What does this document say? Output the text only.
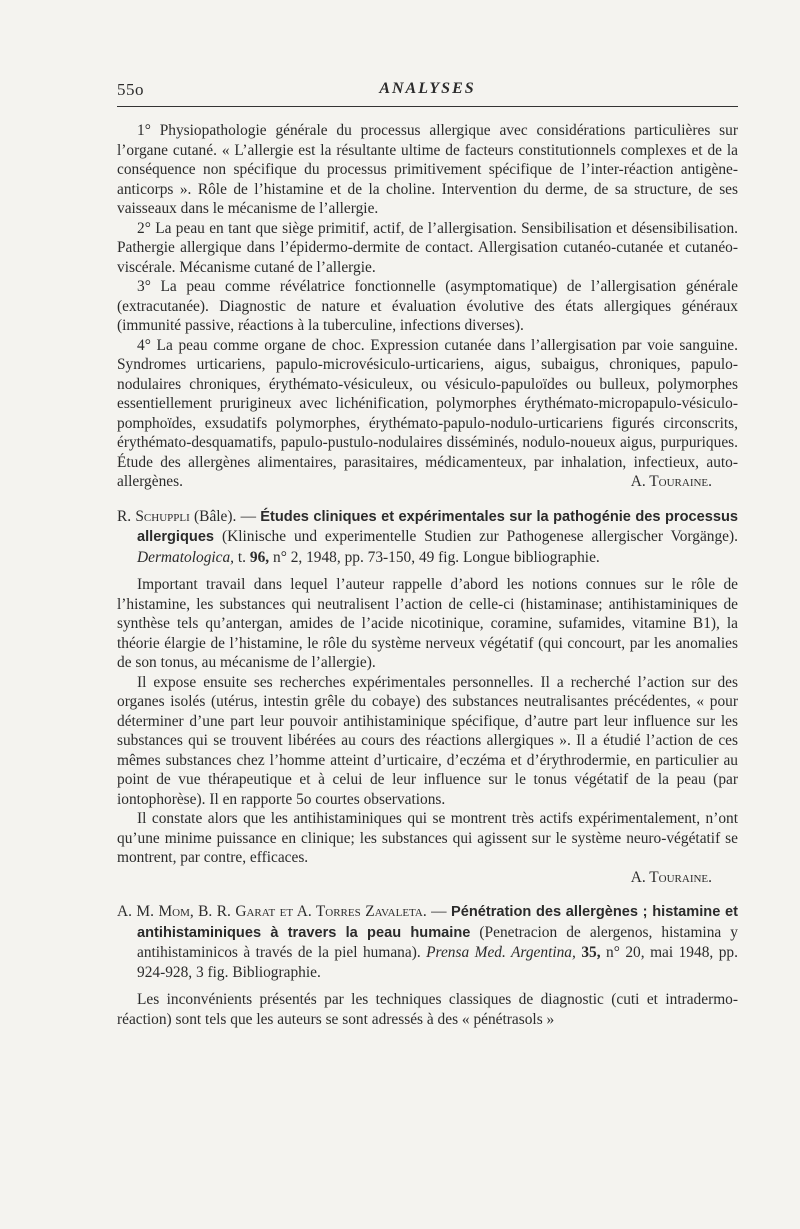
55o	ANALYSES

1° Physiopathologie générale du processus allergique avec considérations particulières sur l’organe cutané. « L’allergie est la résultante ultime de facteurs constitutionnels complexes et de la conséquence non spécifique du processus primitivement spécifique de l’inter-réaction antigène-anticorps ». Rôle de l’histamine et de la choline. Intervention du derme, de sa structure, de ses vaisseaux dans le mécanisme de l’allergie.

2° La peau en tant que siège primitif, actif, de l’allergisation. Sensibilisation et désensibilisation. Pathergie allergique dans l’épidermo-dermite de contact. Allergisation cutanéo-cutanée et cutanéo-viscérale. Mécanisme cutané de l’allergie.

3° La peau comme révélatrice fonctionnelle (asymptomatique) de l’allergisation générale (extracutanée). Diagnostic de nature et évaluation évolutive des états allergiques généraux (immunité passive, réactions à la tuberculine, infections diverses).

4° La peau comme organe de choc. Expression cutanée dans l’allergisation par voie sanguine. Syndromes urticariens, papulo-microvésiculo-urticariens, aigus, subaigus, chroniques, papulo-nodulaires chroniques, érythémato-vésiculeux, ou vésiculo-papuloïdes ou bulleux, polymorphes essentiellement prurigineux avec lichénification, polymorphes érythémato-micropapulo-vésiculo-pomphoïdes, exsudatifs polymorphes, érythémato-papulo-nodulo-urticariens figurés circonscrits, érythémato-desquamatifs, papulo-pustulo-nodulaires disséminés, nodulo-noueux aigus, purpuriques. Étude des allergènes alimentaires, parasitaires, médicamenteux, par inhalation, infectieux, auto-allergènes.	A. Touraine.

R. Schuppli (Bâle). — Études cliniques et expérimentales sur la pathogénie des processus allergiques (Klinische und experimentelle Studien zur Pathogenese allergischer Vorgänge). Dermatologica, t. 96, n° 2, 1948, pp. 73-150, 49 fig. Longue bibliographie.

Important travail dans lequel l’auteur rappelle d’abord les notions connues sur le rôle de l’histamine, les substances qui neutralisent l’action de celle-ci (histaminase; antihistaminiques de synthèse tels qu’antergan, amides de l’acide nicotinique, coramine, sufamides, vitamine B1), la théorie élargie de l’histamine, le rôle du système nerveux végétatif (qui concourt, par les anomalies de son tonus, au mécanisme de l’allergie).

Il expose ensuite ses recherches expérimentales personnelles. Il a recherché l’action sur des organes isolés (utérus, intestin grêle du cobaye) des substances neutralisantes précédentes, « pour déterminer d’une part leur pouvoir antihistaminique spécifique, d’autre part leur influence sur les substances qui se trouvent libérées au cours des réactions allergiques ». Il a étudié l’action de ces mêmes substances chez l’homme atteint d’urticaire, d’eczéma et d’érythrodermie, en particulier au point de vue thérapeutique et à celui de leur influence sur le tonus végétatif de la peau (par iontophorèse). Il en rapporte 5o courtes observations.

Il constate alors que les antihistaminiques qui se montrent très actifs expérimentalement, n’ont qu’une minime puissance en clinique; les substances qui agissent sur le système neuro-végétatif se montrent, par contre, efficaces.

A. Touraine.

A. M. Mom, B. R. Garat et A. Torres Zavaleta. — Pénétration des allergènes ; histamine et antihistaminiques à travers la peau humaine (Penetracion de alergenos, histamina y antihistaminicos à través de la piel humana). Prensa Med. Argentina, 35, n° 20, mai 1948, pp. 924-928, 3 fig. Bibliographie.

Les inconvénients présentés par les techniques classiques de diagnostic (cuti et intradermo-réaction) sont tels que les auteurs se sont adressés à des « pénétrasols »
